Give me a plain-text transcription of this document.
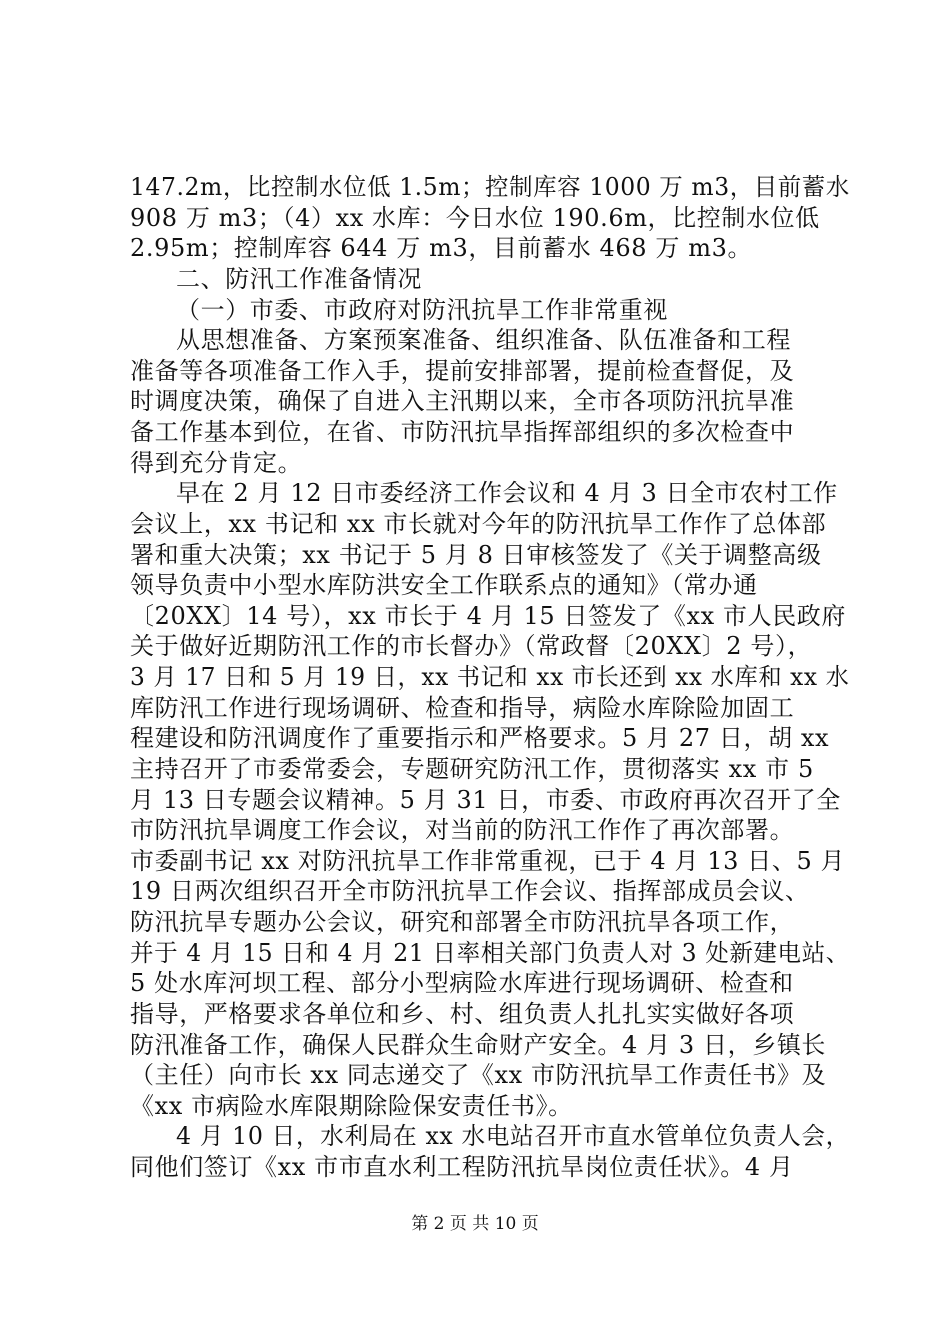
147.2m，比控制水位低 1.5m；控制库容 1000 万 m3，目前蓄水
908 万 m3；（4）xx 水库：今日水位 190.6m，比控制水位低
2.95m；控制库容 644 万 m3，目前蓄水 468 万 m3。
二、防汛工作准备情况
（一）市委、市政府对防汛抗旱工作非常重视
从思想准备、方案预案准备、组织准备、队伍准备和工程
准备等各项准备工作入手，提前安排部署，提前检查督促，及
时调度决策，确保了自进入主汛期以来，全市各项防汛抗旱准
备工作基本到位，在省、市防汛抗旱指挥部组织的多次检查中
得到充分肯定。
早在 2 月 12 日市委经济工作会议和 4 月 3 日全市农村工作
会议上，xx 书记和 xx 市长就对今年的防汛抗旱工作作了总体部
署和重大决策；xx 书记于 5 月 8 日审核签发了《关于调整高级
领导负责中小型水库防洪安全工作联系点的通知》（常办通
〔20XX〕14 号），xx 市长于 4 月 15 日签发了《xx 市人民政府
关于做好近期防汛工作的市长督办》（常政督〔20XX〕2 号），
3 月 17 日和 5 月 19 日，xx 书记和 xx 市长还到 xx 水库和 xx 水
库防汛工作进行现场调研、检查和指导，病险水库除险加固工
程建设和防汛调度作了重要指示和严格要求。5 月 27 日，胡 xx
主持召开了市委常委会，专题研究防汛工作，贯彻落实 xx 市 5
月 13 日专题会议精神。5 月 31 日，市委、市政府再次召开了全
市防汛抗旱调度工作会议，对当前的防汛工作作了再次部署。
市委副书记 xx 对防汛抗旱工作非常重视，已于 4 月 13 日、5 月
19 日两次组织召开全市防汛抗旱工作会议、指挥部成员会议、
防汛抗旱专题办公会议，研究和部署全市防汛抗旱各项工作，
并于 4 月 15 日和 4 月 21 日率相关部门负责人对 3 处新建电站、
5 处水库河坝工程、部分小型病险水库进行现场调研、检查和
指导，严格要求各单位和乡、村、组负责人扎扎实实做好各项
防汛准备工作，确保人民群众生命财产安全。4 月 3 日，乡镇长
（主任）向市长 xx 同志递交了《xx 市防汛抗旱工作责任书》及
《xx 市病险水库限期除险保安责任书》。
4 月 10 日，水利局在 xx 水电站召开市直水管单位负责人会，
同他们签订《xx 市市直水利工程防汛抗旱岗位责任状》。4 月
第 2 页 共 10 页
